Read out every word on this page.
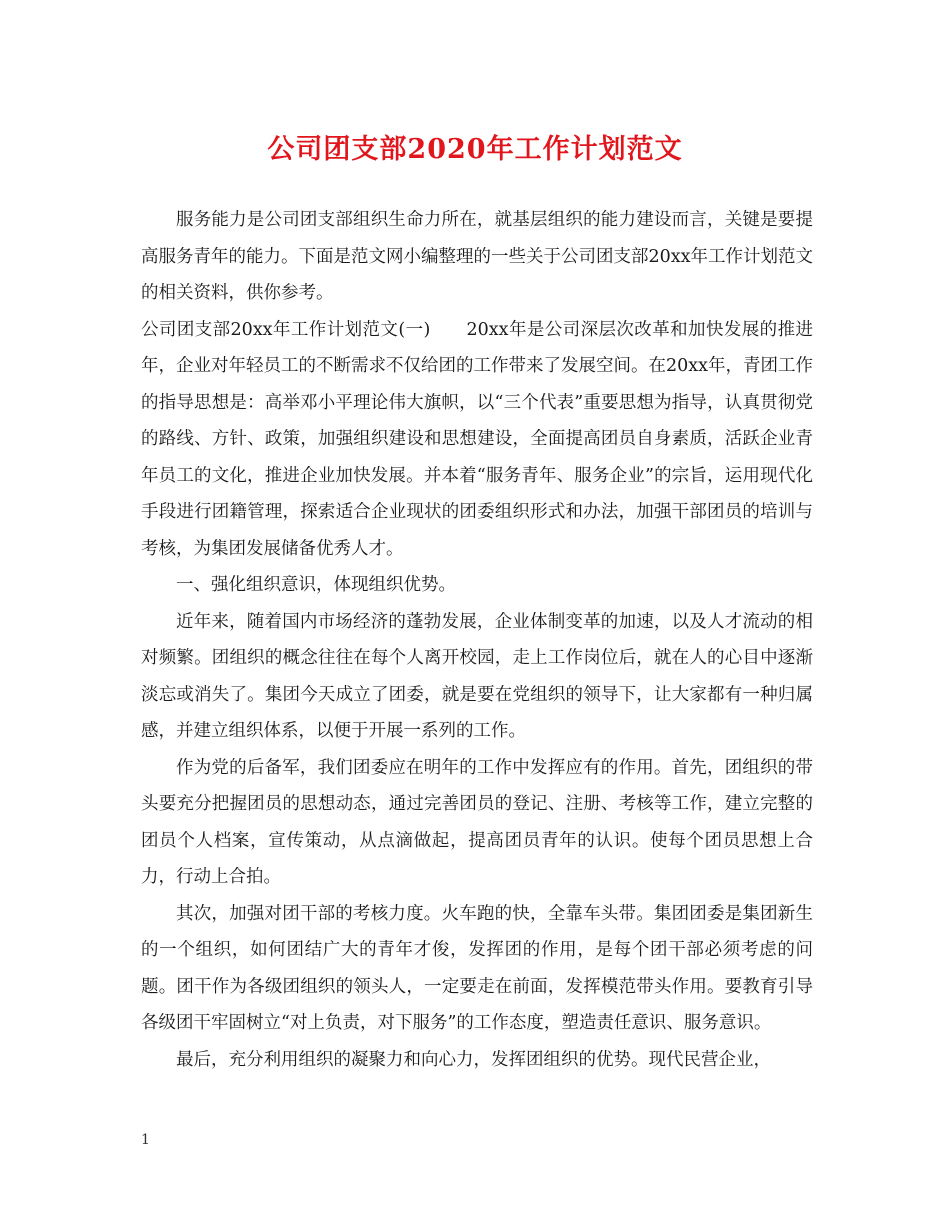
公司团支部2020年工作计划范文

服务能力是公司团支部组织生命力所在，就基层组织的能力建设而言，关键是要提高服务青年的能力。下面是范文网小编整理的一些关于公司团支部20xx年工作计划范文的相关资料，供你参考。

公司团支部20xx年工作计划范文(一)　　20xx年是公司深层次改革和加快发展的推进年，企业对年轻员工的不断需求不仅给团的工作带来了发展空间。在20xx年，青团工作的指导思想是：高举邓小平理论伟大旗帜，以“三个代表”重要思想为指导，认真贯彻党的路线、方针、政策，加强组织建设和思想建设，全面提高团员自身素质，活跃企业青年员工的文化，推进企业加快发展。并本着“服务青年、服务企业”的宗旨，运用现代化手段进行团籍管理，探索适合企业现状的团委组织形式和办法，加强干部团员的培训与考核，为集团发展储备优秀人才。

一、强化组织意识，体现组织优势。

近年来，随着国内市场经济的蓬勃发展，企业体制变革的加速，以及人才流动的相对频繁。团组织的概念往往在每个人离开校园，走上工作岗位后，就在人的心目中逐渐淡忘或消失了。集团今天成立了团委，就是要在党组织的领导下，让大家都有一种归属感，并建立组织体系，以便于开展一系列的工作。

作为党的后备军，我们团委应在明年的工作中发挥应有的作用。首先，团组织的带头要充分把握团员的思想动态，通过完善团员的登记、注册、考核等工作，建立完整的团员个人档案，宣传策动，从点滴做起，提高团员青年的认识。使每个团员思想上合力，行动上合拍。

其次，加强对团干部的考核力度。火车跑的快，全靠车头带。集团团委是集团新生的一个组织，如何团结广大的青年才俊，发挥团的作用，是每个团干部必须考虑的问题。团干作为各级团组织的领头人，一定要走在前面，发挥模范带头作用。要教育引导各级团干牢固树立“对上负责，对下服务”的工作态度，塑造责任意识、服务意识。

最后，充分利用组织的凝聚力和向心力，发挥团组织的优势。现代民营企业，

1
